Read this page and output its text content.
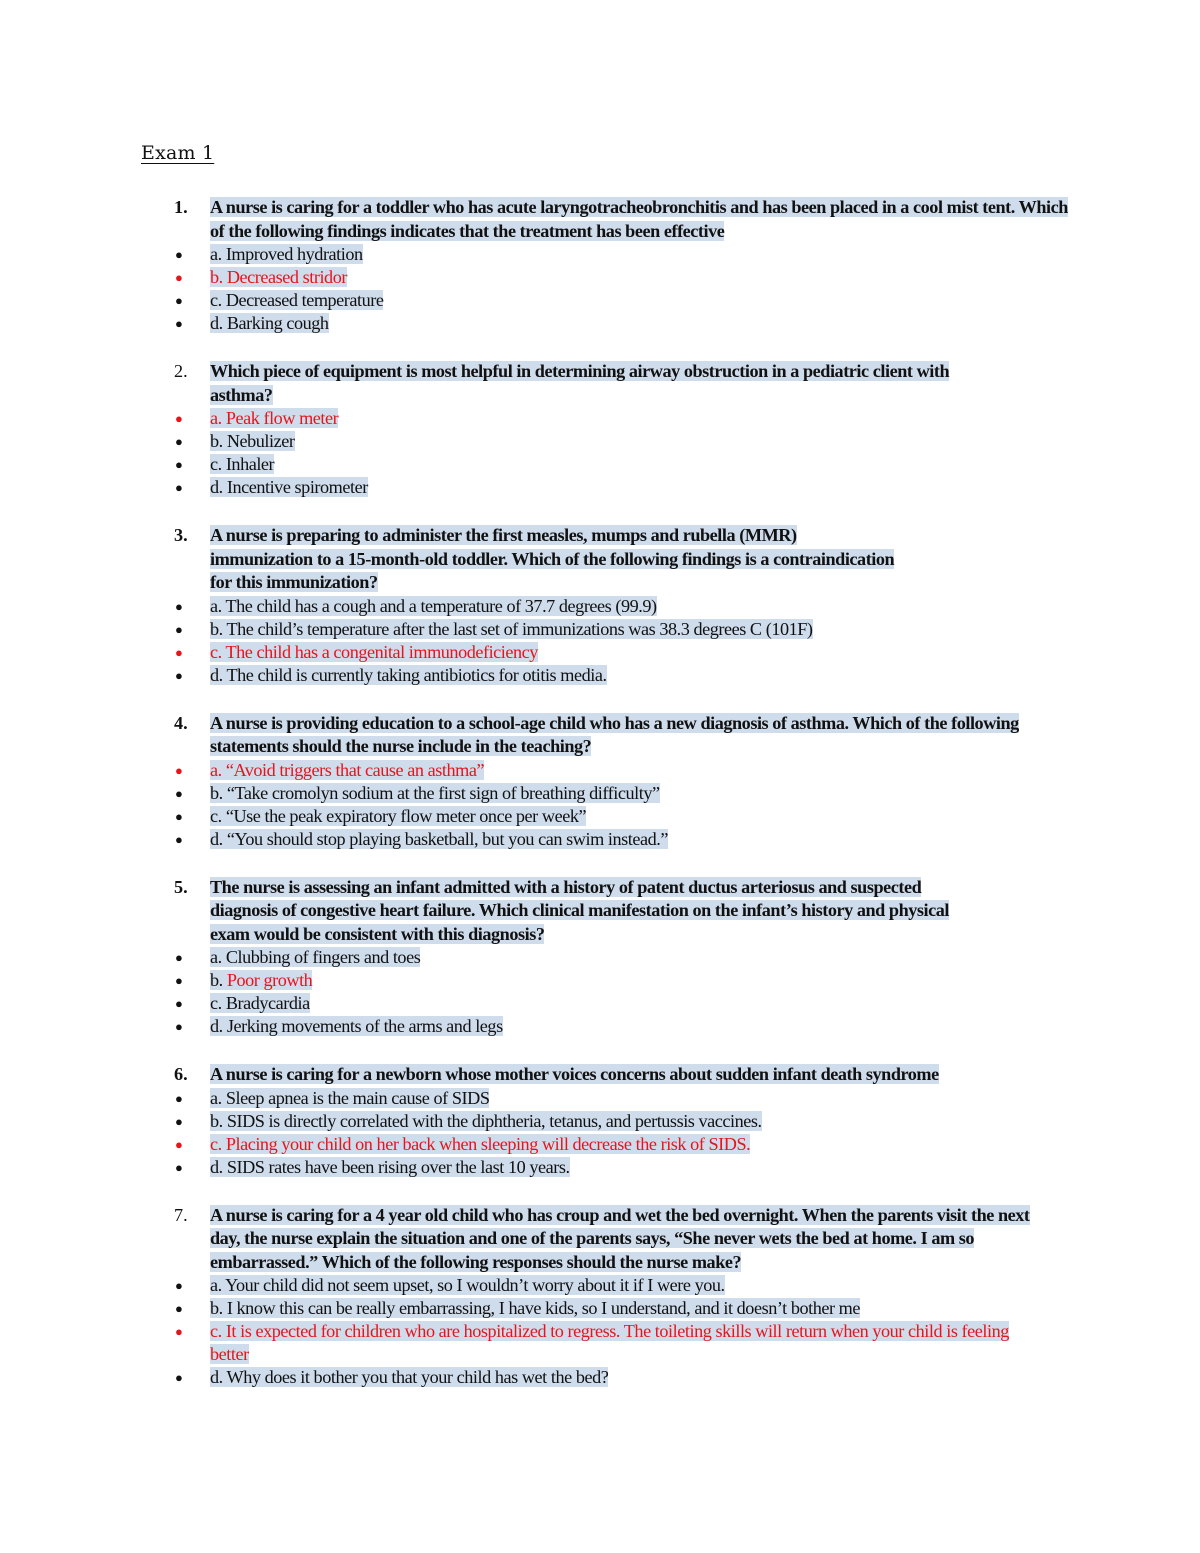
Exam 1
1. A nurse is caring for a toddler who has acute laryngotracheobronchitis and has been placed in a cool mist tent. Which of the following findings indicates that the treatment has been effective
● a. Improved hydration
● b. Decreased stridor
● c. Decreased temperature
● d. Barking cough
2. Which piece of equipment is most helpful in determining airway obstruction in a pediatric client with asthma?
● a. Peak flow meter
● b. Nebulizer
● c. Inhaler
● d. Incentive spirometer
3. A nurse is preparing to administer the first measles, mumps and rubella (MMR) immunization to a 15-month-old toddler. Which of the following findings is a contraindication for this immunization?
● a. The child has a cough and a temperature of 37.7 degrees (99.9)
● b. The child’s temperature after the last set of immunizations was 38.3 degrees C (101F)
● c. The child has a congenital immunodeficiency
● d. The child is currently taking antibiotics for otitis media.
4. A nurse is providing education to a school-age child who has a new diagnosis of asthma. Which of the following statements should the nurse include in the teaching?
● a. “Avoid triggers that cause an asthma”
● b. “Take cromolyn sodium at the first sign of breathing difficulty”
● c. “Use the peak expiratory flow meter once per week”
● d. “You should stop playing basketball, but you can swim instead.”
5. The nurse is assessing an infant admitted with a history of patent ductus arteriosus and suspected diagnosis of congestive heart failure. Which clinical manifestation on the infant’s history and physical exam would be consistent with this diagnosis?
● a. Clubbing of fingers and toes
● b. Poor growth
● c. Bradycardia
● d. Jerking movements of the arms and legs
6. A nurse is caring for a newborn whose mother voices concerns about sudden infant death syndrome
● a. Sleep apnea is the main cause of SIDS
● b. SIDS is directly correlated with the diphtheria, tetanus, and pertussis vaccines.
● c. Placing your child on her back when sleeping will decrease the risk of SIDS.
● d. SIDS rates have been rising over the last 10 years.
7. A nurse is caring for a 4 year old child who has croup and wet the bed overnight. When the parents visit the next day, the nurse explain the situation and one of the parents says, “She never wets the bed at home. I am so embarrassed.” Which of the following responses should the nurse make?
● a. Your child did not seem upset, so I wouldn’t worry about it if I were you.
● b. I know this can be really embarrassing, I have kids, so I understand, and it doesn’t bother me
● c. It is expected for children who are hospitalized to regress. The toileting skills will return when your child is feeling better
● d. Why does it bother you that your child has wet the bed?
